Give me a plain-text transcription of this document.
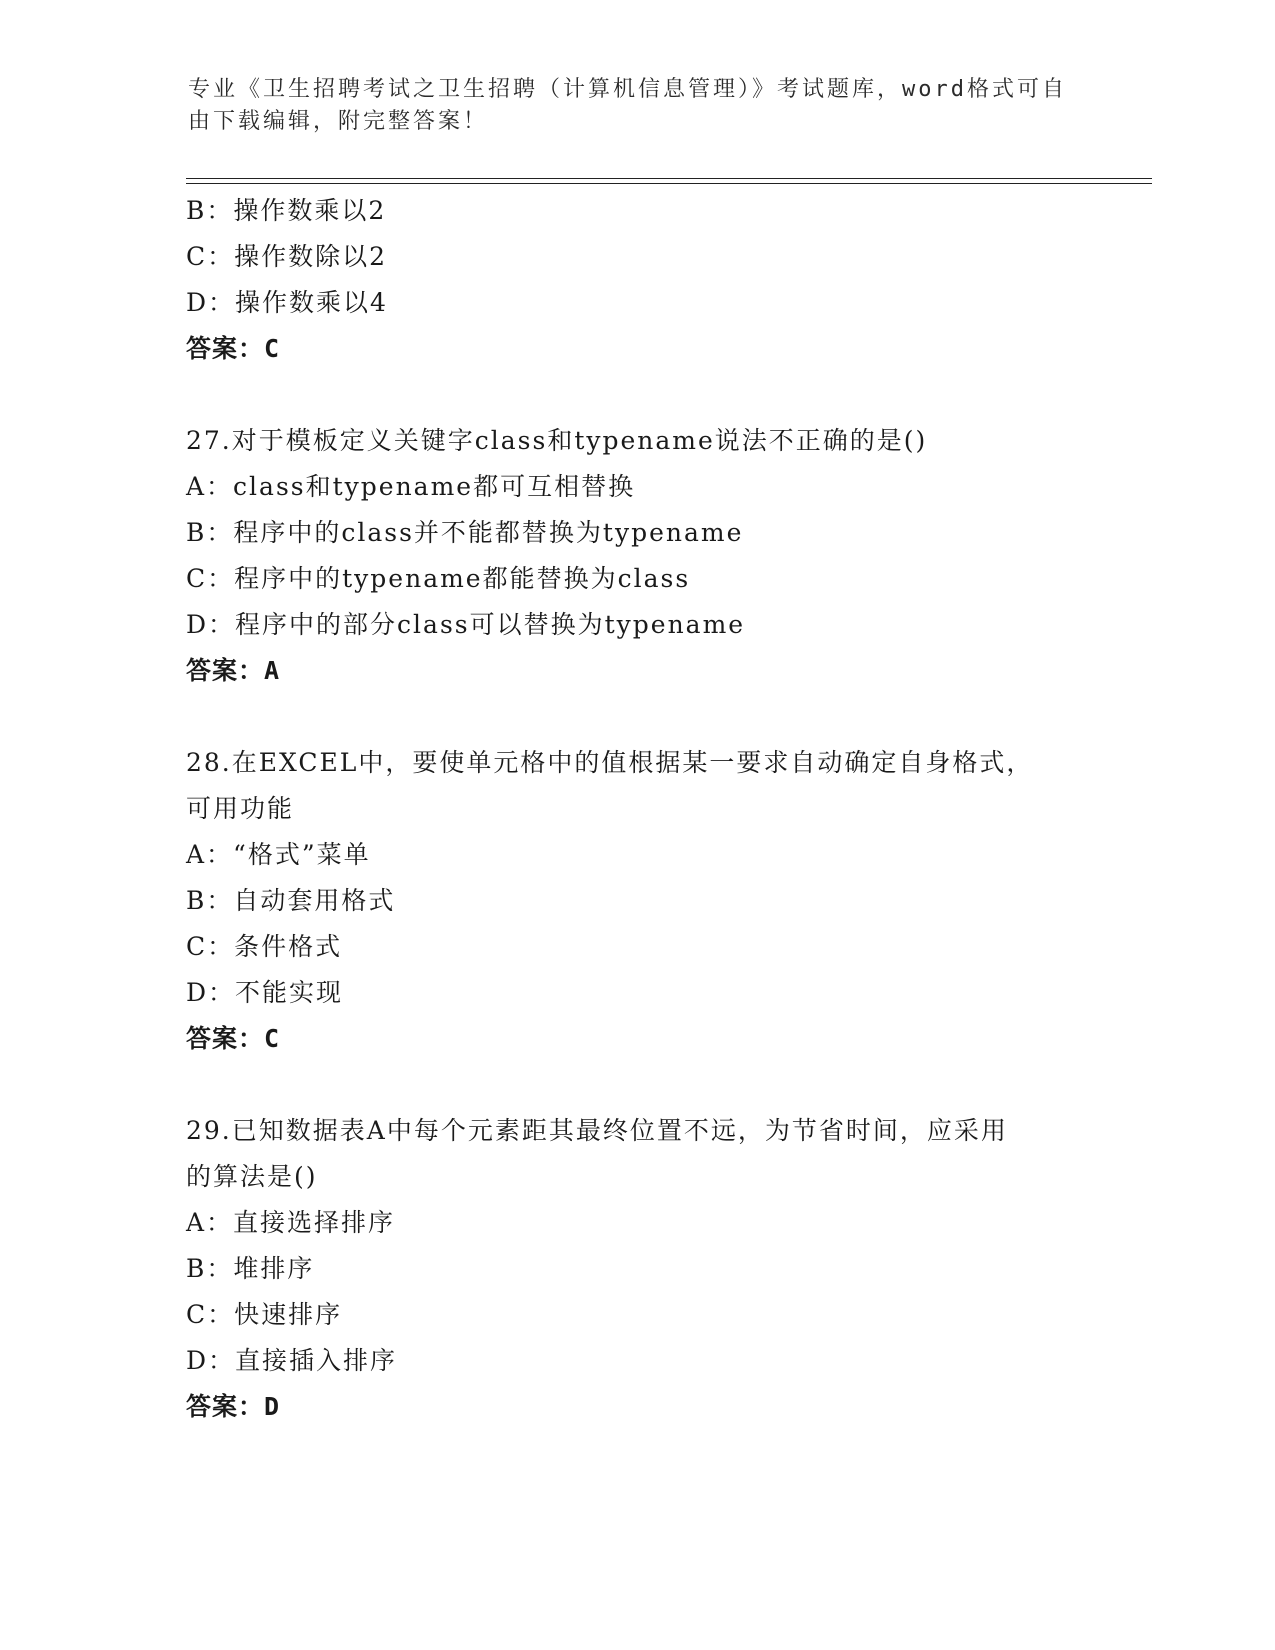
专业《卫生招聘考试之卫生招聘（计算机信息管理）》考试题库，word格式可自
由下载编辑，附完整答案！
B：操作数乘以2
C：操作数除以2
D：操作数乘以4
答案：C
27.对于模板定义关键字class和typename说法不正确的是()
A：class和typename都可互相替换
B：程序中的class并不能都替换为typename
C：程序中的typename都能替换为class
D：程序中的部分class可以替换为typename
答案：A
28.在EXCEL中，要使单元格中的值根据某一要求自动确定自身格式，
可用功能
A：“格式”菜单
B：自动套用格式
C：条件格式
D：不能实现
答案：C
29.已知数据表A中每个元素距其最终位置不远，为节省时间，应采用
的算法是()
A：直接选择排序
B：堆排序
C：快速排序
D：直接插入排序
答案：D
